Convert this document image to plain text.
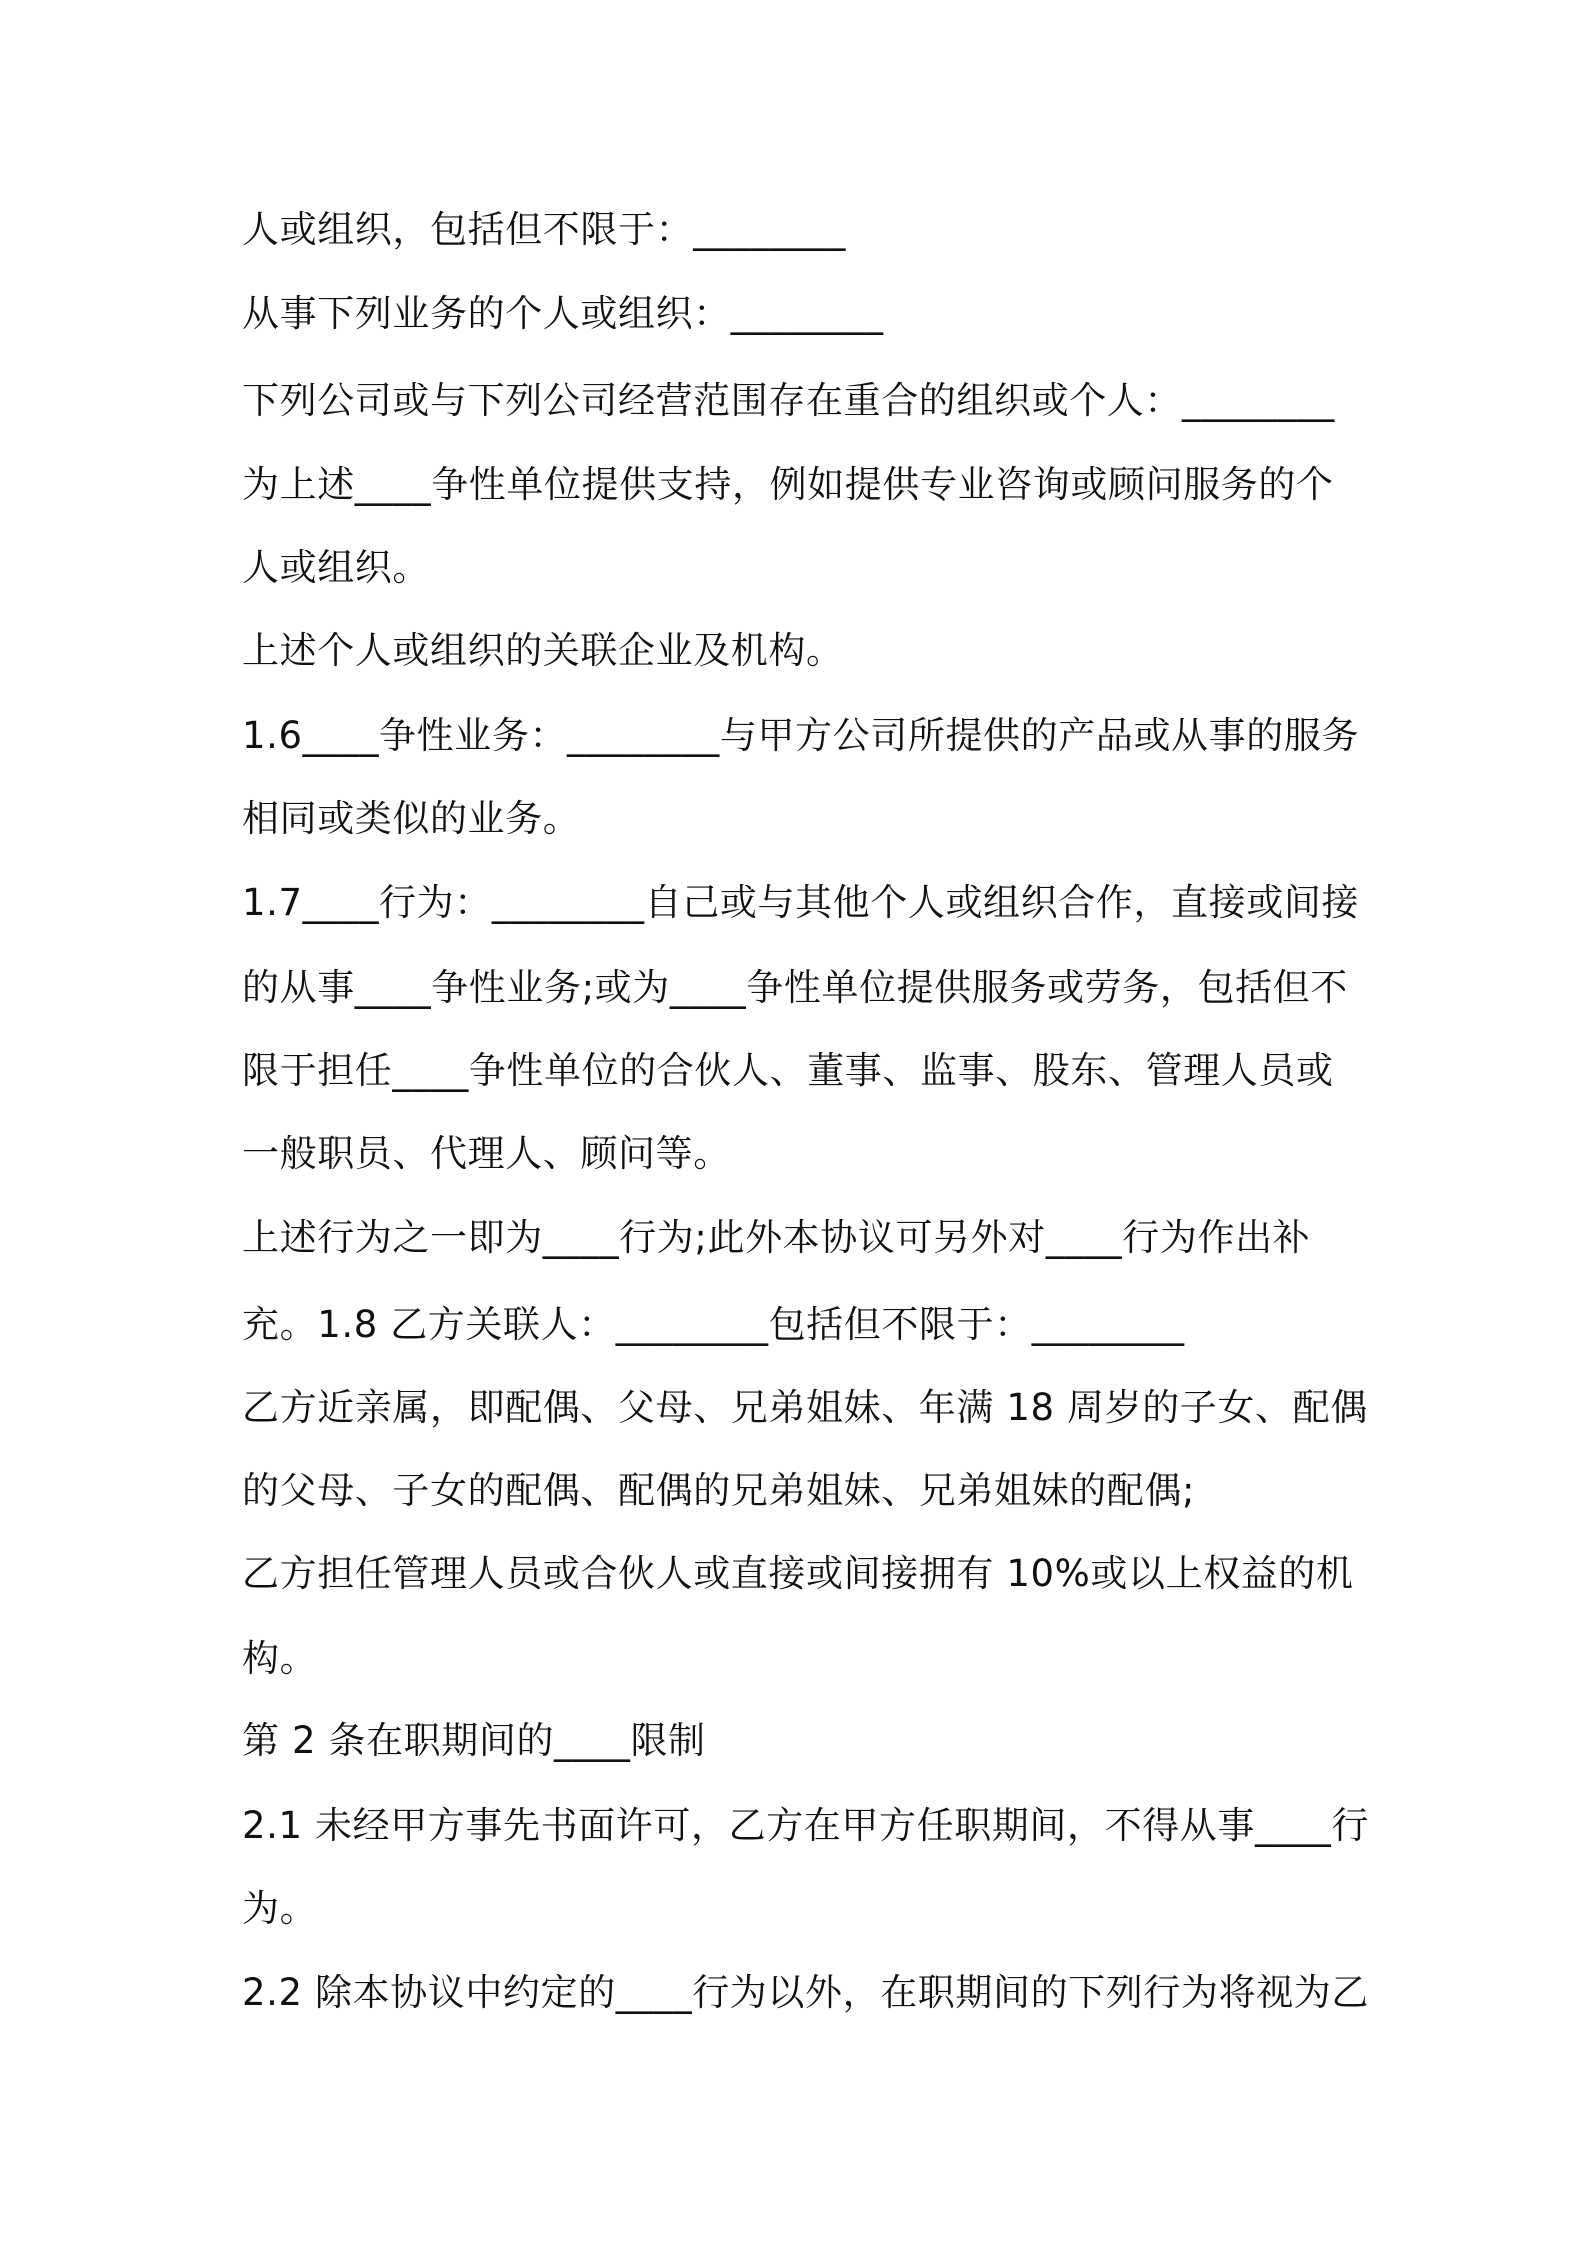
人或组织，包括但不限于：________
从事下列业务的个人或组织：________
下列公司或与下列公司经营范围存在重合的组织或个人：________
为上述____争性单位提供支持，例如提供专业咨询或顾问服务的个
人或组织。
上述个人或组织的关联企业及机构。
1.6____争性业务：________与甲方公司所提供的产品或从事的服务
相同或类似的业务。
1.7____行为：________自己或与其他个人或组织合作，直接或间接
的从事____争性业务;或为____争性单位提供服务或劳务，包括但不
限于担任____争性单位的合伙人、董事、监事、股东、管理人员或
一般职员、代理人、顾问等。
上述行为之一即为____行为;此外本协议可另外对____行为作出补
充。1.8 乙方关联人：________包括但不限于：________
乙方近亲属，即配偶、父母、兄弟姐妹、年满 18 周岁的子女、配偶
的父母、子女的配偶、配偶的兄弟姐妹、兄弟姐妹的配偶;
乙方担任管理人员或合伙人或直接或间接拥有 10%或以上权益的机
构。
第 2 条在职期间的____限制
2.1 未经甲方事先书面许可，乙方在甲方任职期间，不得从事____行
为。
2.2 除本协议中约定的____行为以外，在职期间的下列行为将视为乙
